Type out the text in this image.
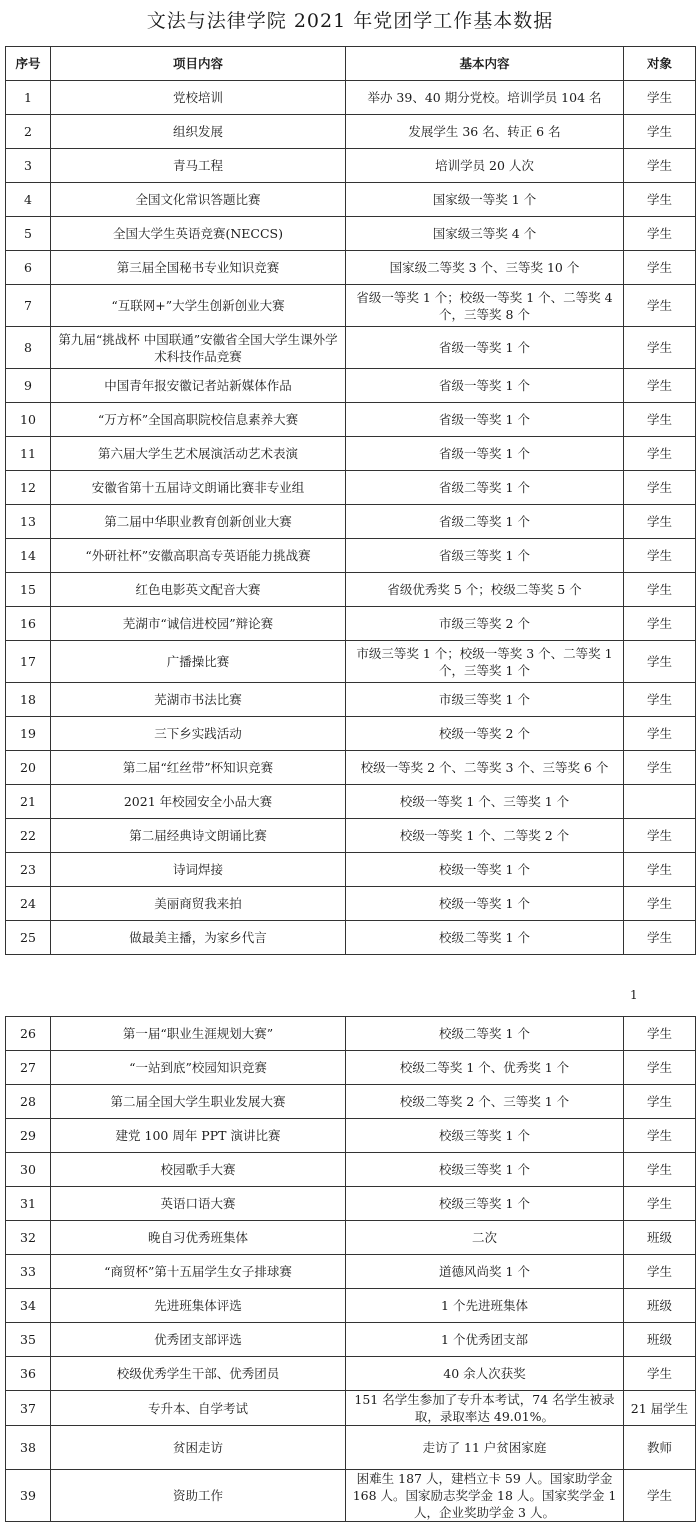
文法与法律学院 2021 年党团学工作基本数据
序号	项目内容	基本内容	对象
1	党校培训	举办 39、40 期分党校。培训学员 104 名	学生
2	组织发展	发展学生 36 名、转正 6 名	学生
3	青马工程	培训学员 20 人次	学生
4	全国文化常识答题比赛	国家级一等奖 1 个	学生
5	全国大学生英语竞赛(NECCS)	国家级三等奖 4 个	学生
6	第三届全国秘书专业知识竞赛	国家级二等奖 3 个、三等奖 10 个	学生
7	“互联网+”大学生创新创业大赛	省级一等奖 1 个；校级一等奖 1 个、二等奖 4 个，三等奖 8 个	学生
8	第九届“挑战杯 中国联通”安徽省全国大学生课外学术科技作品竞赛	省级一等奖 1 个	学生
9	中国青年报安徽记者站新媒体作品	省级一等奖 1 个	学生
10	“万方杯”全国高职院校信息素养大赛	省级一等奖 1 个	学生
11	第六届大学生艺术展演活动艺术表演	省级一等奖 1 个	学生
12	安徽省第十五届诗文朗诵比赛非专业组	省级二等奖 1 个	学生
13	第二届中华职业教育创新创业大赛	省级二等奖 1 个	学生
14	“外研社杯”安徽高职高专英语能力挑战赛	省级三等奖 1 个	学生
15	红色电影英文配音大赛	省级优秀奖 5 个；校级二等奖 5 个	学生
16	芜湖市“诚信进校园”辩论赛	市级三等奖 2 个	学生
17	广播操比赛	市级三等奖 1 个；校级一等奖 3 个、二等奖 1 个，三等奖 1 个	学生
18	芜湖市书法比赛	市级三等奖 1 个	学生
19	三下乡实践活动	校级一等奖 2 个	学生
20	第二届“红丝带”杯知识竞赛	校级一等奖 2 个、二等奖 3 个、三等奖 6 个	学生
21	2021 年校园安全小品大赛	校级一等奖 1 个、三等奖 1 个	
22	第二届经典诗文朗诵比赛	校级一等奖 1 个、二等奖 2 个	学生
23	诗词焊接	校级一等奖 1 个	学生
24	美丽商贸我来拍	校级一等奖 1 个	学生
25	做最美主播，为家乡代言	校级二等奖 1 个	学生
1
26	第一届“职业生涯规划大赛”	校级二等奖 1 个	学生
27	“一站到底”校园知识竞赛	校级二等奖 1 个、优秀奖 1 个	学生
28	第二届全国大学生职业发展大赛	校级二等奖 2 个、三等奖 1 个	学生
29	建党 100 周年 PPT 演讲比赛	校级三等奖 1 个	学生
30	校园歌手大赛	校级三等奖 1 个	学生
31	英语口语大赛	校级三等奖 1 个	学生
32	晚自习优秀班集体	二次	班级
33	“商贸杯”第十五届学生女子排球赛	道德风尚奖 1 个	学生
34	先进班集体评选	1 个先进班集体	班级
35	优秀团支部评选	1 个优秀团支部	班级
36	校级优秀学生干部、优秀团员	40 余人次获奖	学生
37	专升本、自学考试	151 名学生参加了专升本考试，74 名学生被录取，录取率达 49.01%。	21 届学生
38	贫困走访	走访了 11 户贫困家庭	教师
39	资助工作	困难生 187 人，建档立卡 59 人。国家助学金 168 人。国家励志奖学金 18 人。国家奖学金 1 人，企业奖助学金 3 人。	学生
